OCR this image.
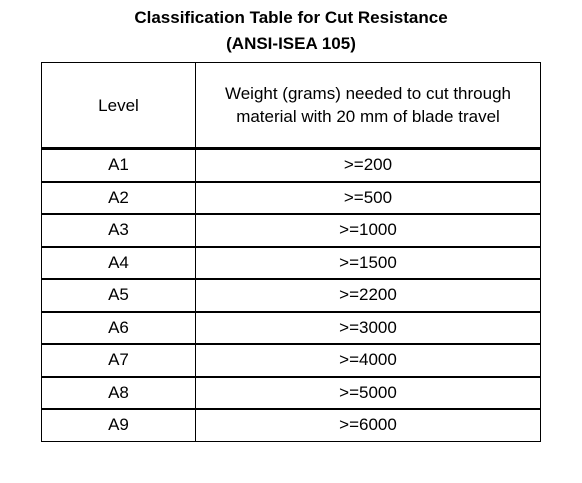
Classification Table for Cut Resistance
(ANSI-ISEA 105)
Level	Weight (grams) needed to cut through material with 20 mm of blade travel
A1	>=200
A2	>=500
A3	>=1000
A4	>=1500
A5	>=2200
A6	>=3000
A7	>=4000
A8	>=5000
A9	>=6000
